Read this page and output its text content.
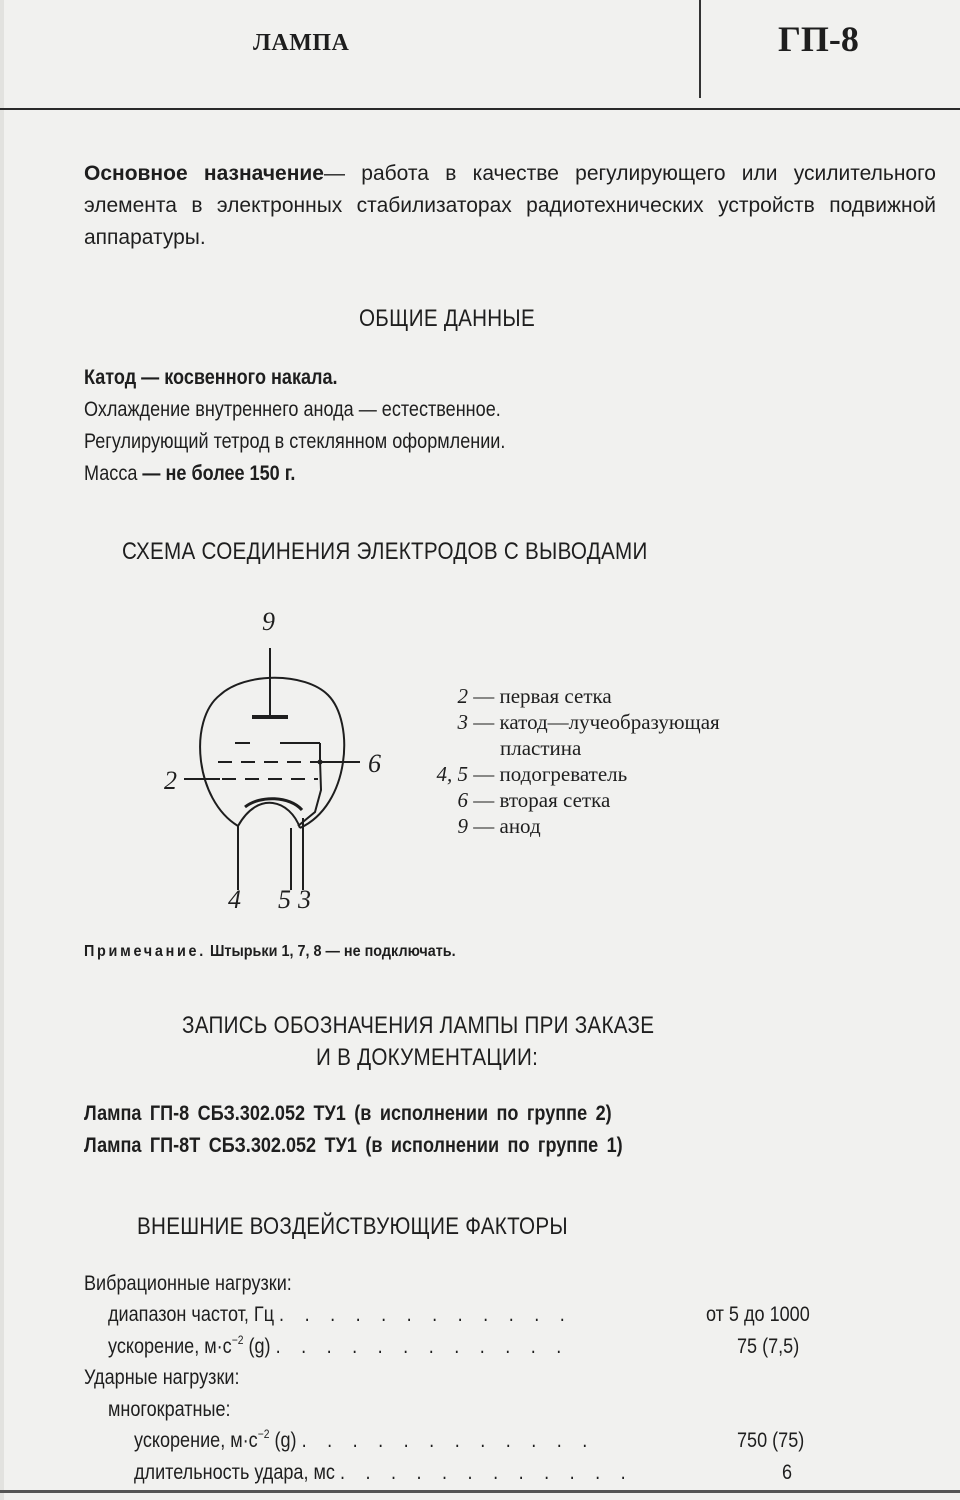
ЛАМПА	ГП-8
Основное назначение— работа в качестве регулирующего или усилительного элемента в электронных стабилизаторах радиотехнических устройств подвижной аппаратуры.
ОБЩИЕ ДАННЫЕ
Катод — косвенного накала.
Охлаждение внутреннего анода — естественное.
Регулирующий тетрод в стеклянном оформлении.
Масса — не более 150 г.
СХЕМА СОЕДИНЕНИЯ ЭЛЕКТРОДОВ С ВЫВОДАМИ
9
2
6
4 5 3
2 — первая сетка
3 — катод—лучеобразующая
пластина
4, 5 — подогреватель
6 — вторая сетка
9 — анод
Примечание. Штырьки 1, 7, 8 — не подключать.
ЗАПИСЬ ОБОЗНАЧЕНИЯ ЛАМПЫ ПРИ ЗАКАЗЕ
И В ДОКУМЕНТАЦИИ:
Лампа ГП-8 СБЗ.302.052 ТУ1 (в исполнении по группе 2)
Лампа ГП-8Т СБЗ.302.052 ТУ1 (в исполнении по группе 1)
ВНЕШНИЕ ВОЗДЕЙСТВУЮЩИЕ ФАКТОРЫ
Вибрационные нагрузки:
диапазон частот, Гц . . . . . . . . . . . .	от 5 до 1000
ускорение, $м\cdot с^{-2}$ (g) . . . . . . . . . . . .	75 (7,5)
Ударные нагрузки:
многократные:
ускорение, $м\cdot с^{-2}$ (g) . . . . . . . . . . . .	750 (75)
длительность удара, мс . . . . . . . . . . . .	6
